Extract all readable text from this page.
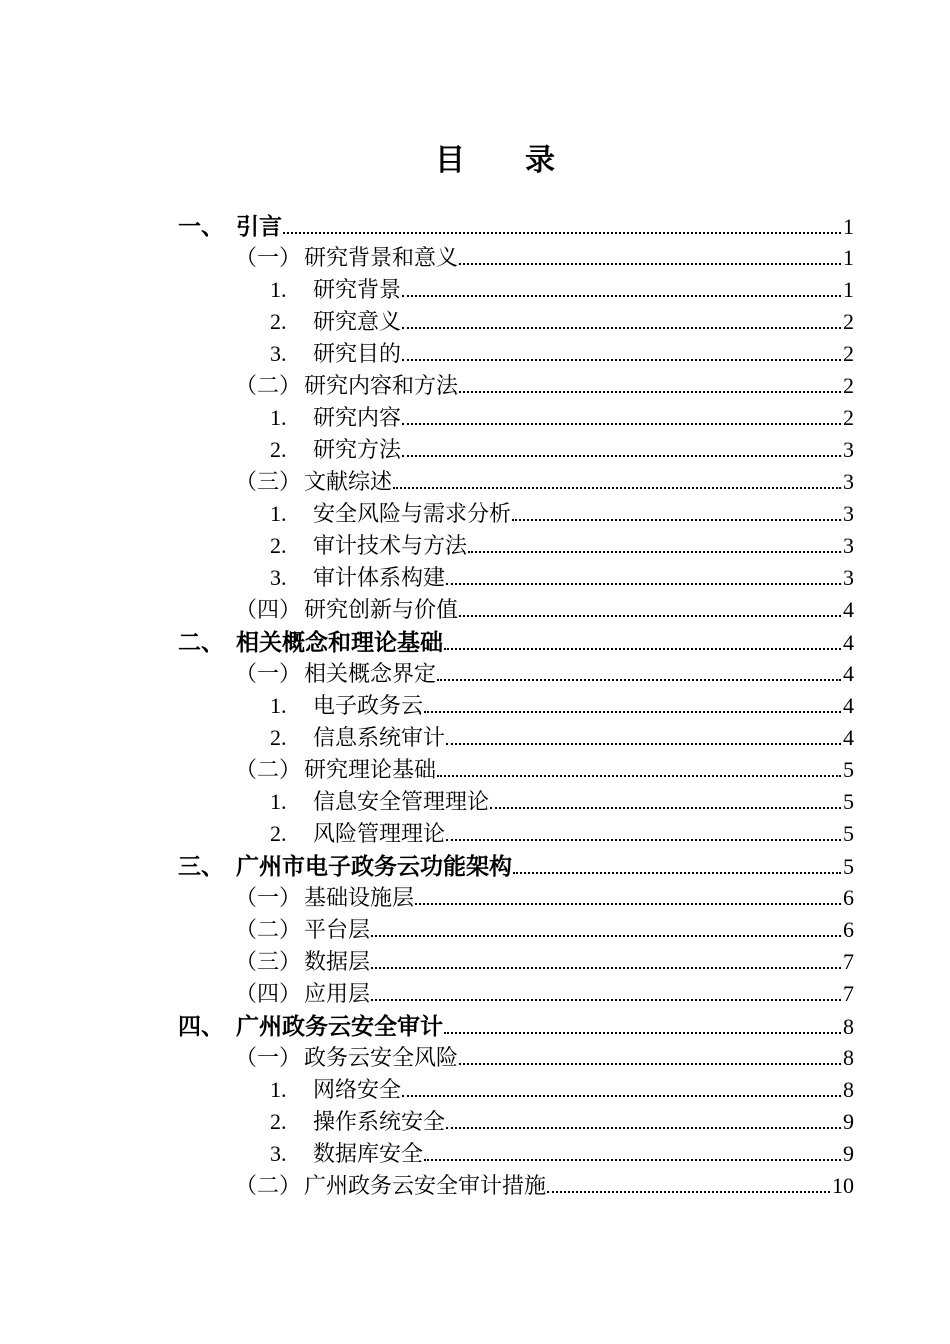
目　　录
一、 引言	1
（一） 研究背景和意义	1
1.	研究背景	1
2.	研究意义	2
3.	研究目的	2
（二） 研究内容和方法	2
1.	研究内容	2
2.	研究方法	3
（三） 文献综述	3
1.	安全风险与需求分析	3
2.	审计技术与方法	3
3.	审计体系构建	3
（四） 研究创新与价值	4
二、 相关概念和理论基础	4
（一） 相关概念界定	4
1.	电子政务云	4
2.	信息系统审计	4
（二） 研究理论基础	5
1.	信息安全管理理论	5
2.	风险管理理论	5
三、 广州市电子政务云功能架构	5
（一） 基础设施层	6
（二） 平台层	6
（三） 数据层	7
（四） 应用层	7
四、 广州政务云安全审计	8
（一） 政务云安全风险	8
1.	网络安全	8
2.	操作系统安全	9
3.	数据库安全	9
（二） 广州政务云安全审计措施	10
